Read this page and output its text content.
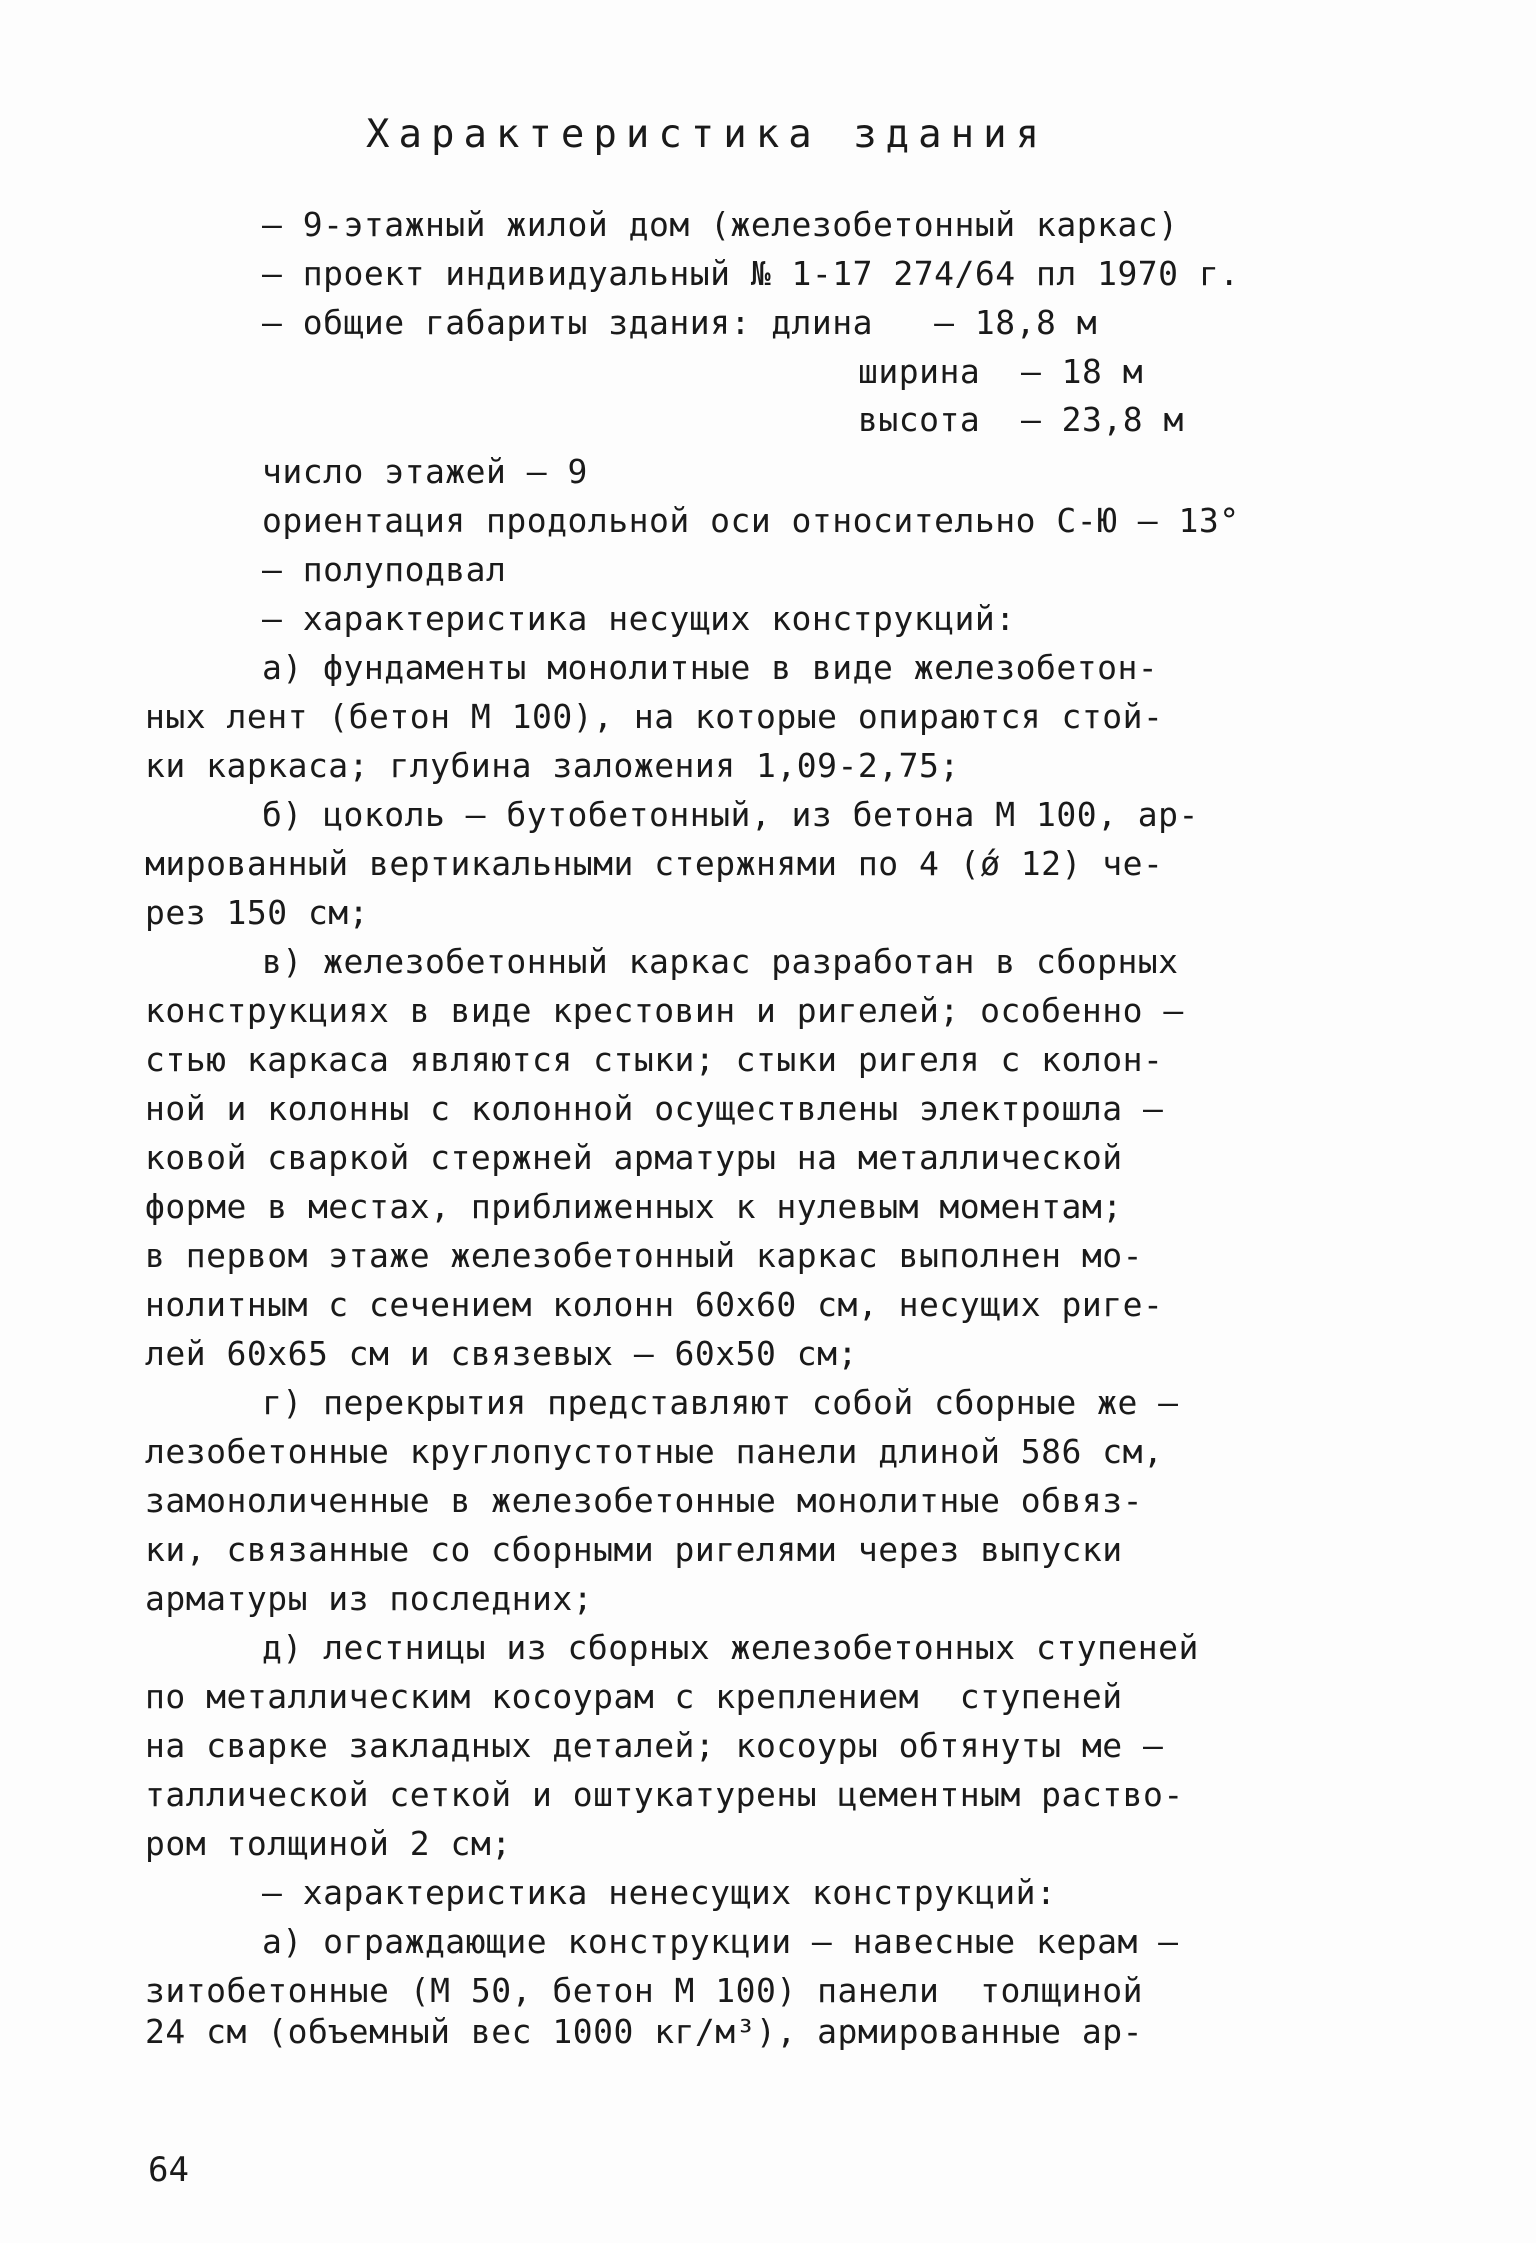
Характеристика здания
– 9-этажный жилой дом (железобетонный каркас)
– проект индивидуальный № 1-17 274/64 пл 1970 г.
– общие габариты здания: длина   – 18,8 м
ширина  – 18 м
высота  – 23,8 м
число этажей – 9
ориентация продольной оси относительно С-Ю – 13°
– полуподвал
– характеристика несущих конструкций:
а) фундаменты монолитные в виде железобетон-
ных лент (бетон М 100), на которые опираются стой-
ки каркаса; глубина заложения 1,09-2,75;
б) цоколь – бутобетонный, из бетона М 100, ар-
мированный вертикальными стержнями по 4 (ǿ 12) че-
рез 150 см;
в) железобетонный каркас разработан в сборных
конструкциях в виде крестовин и ригелей; особенно –
стью каркаса являются стыки; стыки ригеля с колон-
ной и колонны с колонной осуществлены электрошла –
ковой сваркой стержней арматуры на металлической
форме в местах, приближенных к нулевым моментам;
в первом этаже железобетонный каркас выполнен мо-
нолитным с сечением колонн 60х60 см, несущих риге-
лей 60х65 см и связевых – 60х50 см;
г) перекрытия представляют собой сборные же –
лезобетонные круглопустотные панели длиной 586 см,
замоноличенные в железобетонные монолитные обвяз-
ки, связанные со сборными ригелями через выпуски
арматуры из последних;
д) лестницы из сборных железобетонных ступеней
по металлическим косоурам с креплением  ступеней
на сварке закладных деталей; косоуры обтянуты ме –
таллической сеткой и оштукатурены цементным раство-
ром толщиной 2 см;
– характеристика ненесущих конструкций:
а) ограждающие конструкции – навесные керам –
зитобетонные (М 50, бетон М 100) панели  толщиной
64
24 см (объемный вес 1000 кг/м³), армированные ар-
